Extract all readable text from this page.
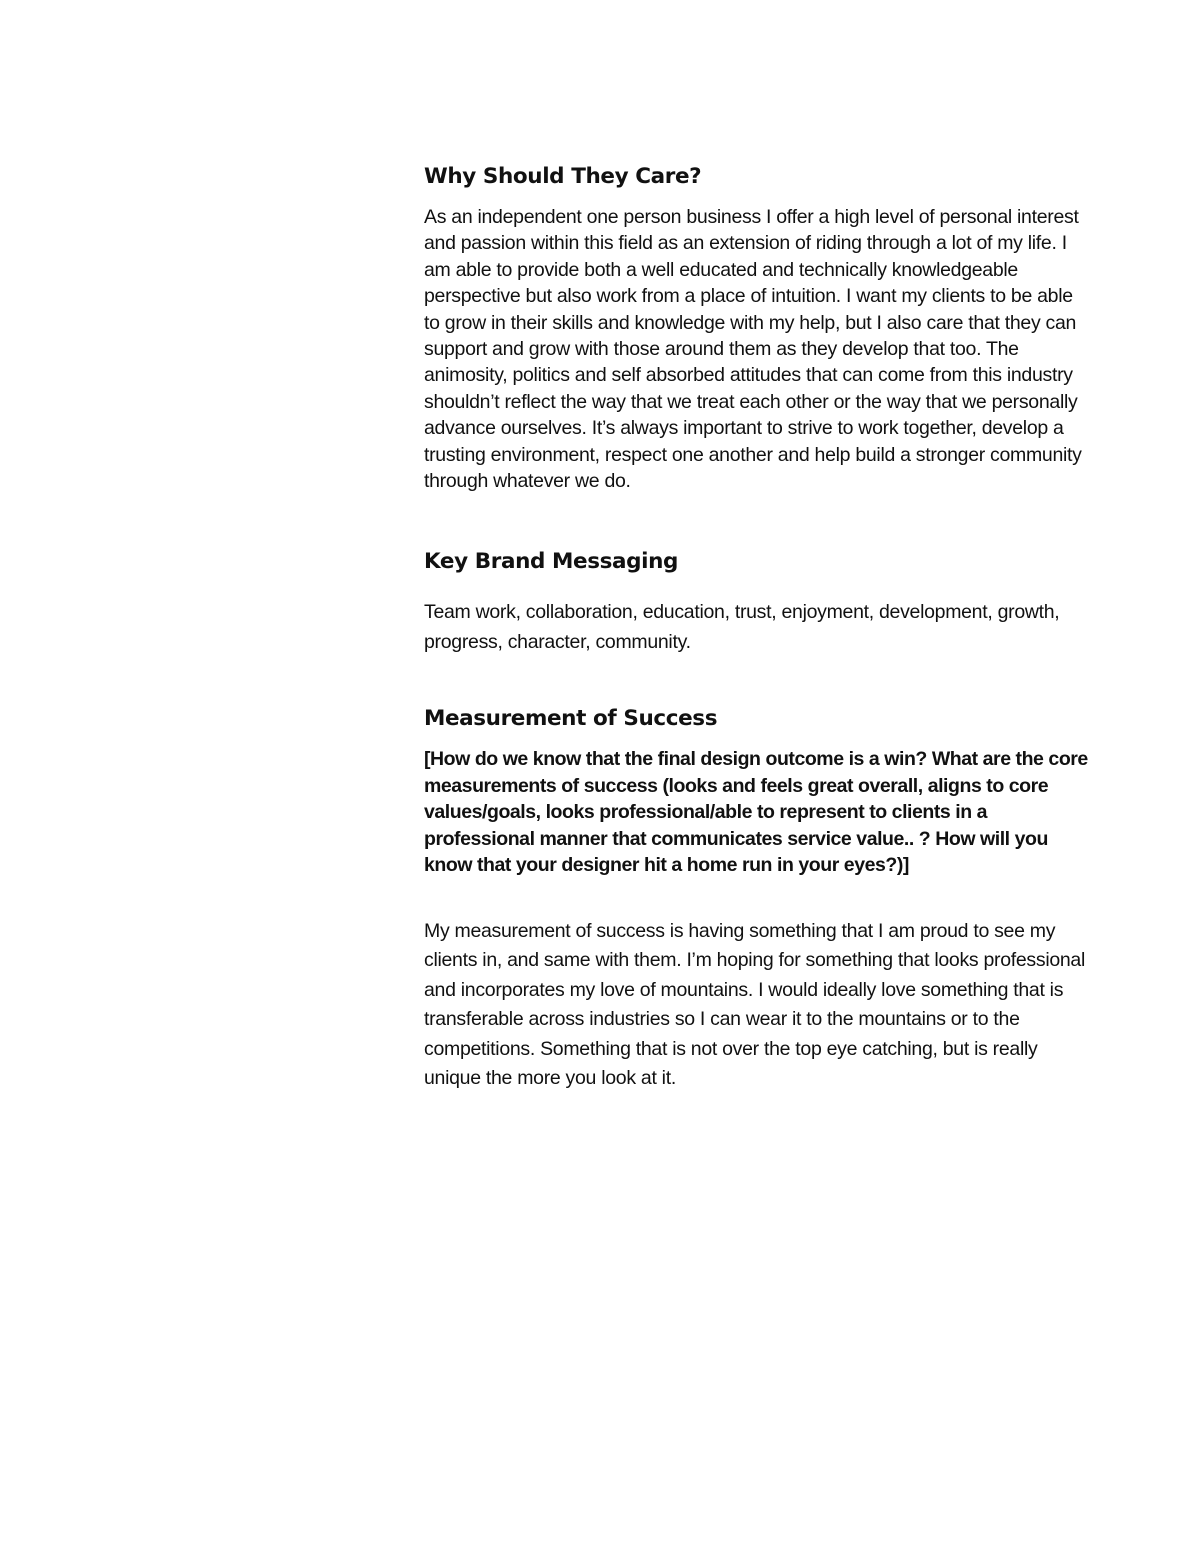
Why Should They Care?

As an independent one person business I offer a high level of personal interest and passion within this field as an extension of riding through a lot of my life. I am able to provide both a well educated and technically knowledgeable perspective but also work from a place of intuition. I want my clients to be able to grow in their skills and knowledge with my help, but I also care that they can support and grow with those around them as they develop that too. The animosity, politics and self absorbed attitudes that can come from this industry shouldn’t reflect the way that we treat each other or the way that we personally advance ourselves. It’s always important to strive to work together, develop a trusting environment, respect one another and help build a stronger community through whatever we do.

Key Brand Messaging

Team work, collaboration, education, trust, enjoyment, development, growth, progress, character, community.

Measurement of Success

[How do we know that the final design outcome is a win? What are the core measurements of success (looks and feels great overall, aligns to core values/goals, looks professional/able to represent to clients in a professional manner that communicates service value.. ? How will you know that your designer hit a home run in your eyes?)]

My measurement of success is having something that I am proud to see my clients in, and same with them. I’m hoping for something that looks professional and incorporates my love of mountains. I would ideally love something that is transferable across industries so I can wear it to the mountains or to the competitions. Something that is not over the top eye catching, but is really unique the more you look at it.
